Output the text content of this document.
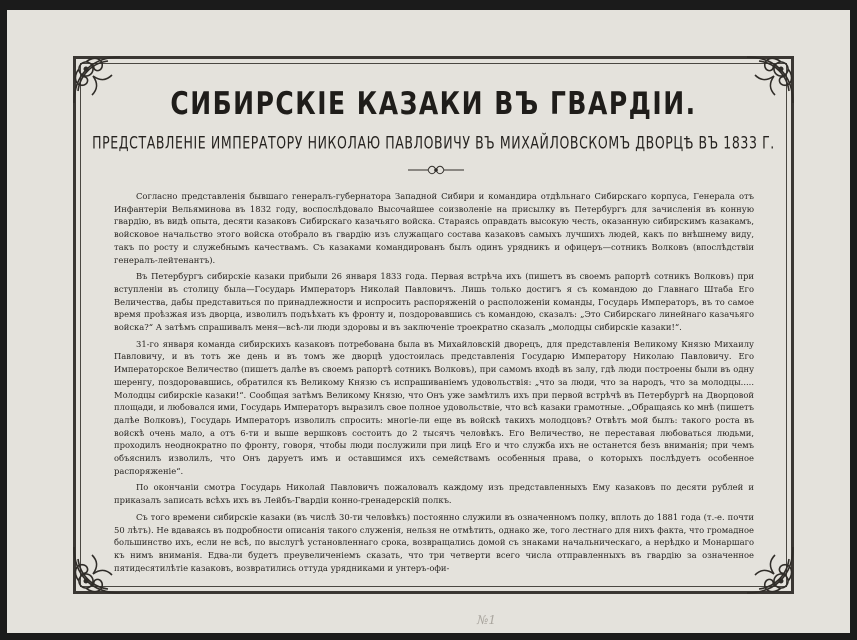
СИБИРСКІЕ КАЗАКИ ВЪ ГВАРДІИ.
ПРЕДСТАВЛЕНІЕ ИМПЕРАТОРУ НИКОЛАЮ ПАВЛОВИЧУ ВЪ МИХАЙЛОВСКОМЪ ДВОРЦѢ ВЪ 1833 Г.

Согласно представленія бывшаго генералъ-губернатора Западной Сибири и командира отдѣльнаго Сибирскаго корпуса, Генерала отъ Инфантеріи Вельяминова въ 1832 году, воспослѣдовало Высочайшее соизволеніе на присылку въ Петербургъ для зачисленія въ конную гвардію, въ видѣ опыта, десяти казаковъ Сибирскаго казачьяго войска. Стараясь оправдать высокую честь, оказанную сибирскимъ казакамъ, войсковое начальство этого войска отобрало въ гвардію изъ служащаго состава казаковъ самыхъ лучшихъ людей, какъ по внѣшнему виду, такъ по росту и служебнымъ качествамъ. Съ казаками командированъ былъ одинъ урядникъ и офицеръ—сотникъ Волковъ (впослѣдствіи генералъ-лейтенантъ).

Въ Петербургъ сибирскіе казаки прибыли 26 января 1833 года. Первая встрѣча ихъ (пишетъ въ своемъ рапортѣ сотникъ Волковъ) при вступленіи въ столицу была—Государь Императоръ Николай Павловичъ. Лишь только достигъ я съ командою до Главнаго Штаба Его Величества, дабы представиться по принадлежности и испросить распоряженій о расположеніи команды, Государь Императоръ, въ то самое время проѣзжая изъ дворца, изволилъ подъѣхать къ фронту и, поздоровавшись съ командою, сказалъ: „Это Сибирскаго линейнаго казачьяго войска?“ А затѣмъ спрашивалъ меня—всѣ-ли люди здоровы и въ заключеніе троекратно сказалъ „молодцы сибирскіе казаки!“.

31-го января команда сибирскихъ казаковъ потребована была въ Михайловскій дворецъ, для представленія Великому Князю Михаилу Павловичу, и въ тотъ же день и въ томъ же дворцѣ удостоилась представленія Государю Императору Николаю Павловичу. Его Императорское Величество (пишетъ далѣе въ своемъ рапортѣ сотникъ Волковъ), при самомъ входѣ въ залу, гдѣ люди построены были въ одну шеренгу, поздоровавшись, обратился къ Великому Князю съ испрашиваніемъ удовольствія: „что за люди, что за народъ, что за молодцы..... Молодцы сибирскіе казаки!“. Сообщая затѣмъ Великому Князю, что Онъ уже замѣтилъ ихъ при первой встрѣчѣ въ Петербургѣ на Дворцовой площади, и любовался ими, Государь Императоръ выразилъ свое полное удовольствіе, что всѣ казаки грамотные. „Обращаясь ко мнѣ (пишетъ далѣе Волковъ), Государь Императоръ изволилъ спросить: многіе-ли еще въ войскѣ такихъ молодцовъ? Отвѣтъ мой былъ: такого роста въ войскѣ очень мало, а отъ 6-ти и выше вершковъ состоитъ до 2 тысячъ человѣкъ. Его Величество, не переставая любоваться людьми, проходилъ неоднократно по фронту, говоря, чтобы люди послужили при лицѣ Его и что служба ихъ не останется безъ вниманія; при чемъ объяснилъ изволилъ, что Онъ даруетъ имъ и оставшимся ихъ семействамъ особенныя права, о которыхъ послѣдуетъ особенное распоряженіе“.

По окончаніи смотра Государь Николай Павловичъ пожаловалъ каждому изъ представленныхъ Ему казаковъ по десяти рублей и приказалъ записать всѣхъ ихъ въ Лейбъ-Гвардіи конно-гренадерскій полкъ.

Съ того времени сибирскіе казаки (въ числѣ 30-ти человѣкъ) постоянно служили въ означенномъ полку, вплоть до 1881 года (т.-е. почти 50 лѣтъ). Не вдаваясь въ подробности описанія такого служенія, нельзя не отмѣтить, однако же, того лестнаго для нихъ факта, что громадное большинство ихъ, если не всѣ, по выслугѣ установленнаго срока, возвращались домой съ знаками начальническаго, а нерѣдко и Монаршаго къ нимъ вниманія. Едва-ли будетъ преувеличеніемъ сказать, что три четверти всего числа отправленныхъ въ гвардію за означенное пятидесятилѣтіе казаковъ, возвратились оттуда урядниками и унтеръ-офи-

№1
